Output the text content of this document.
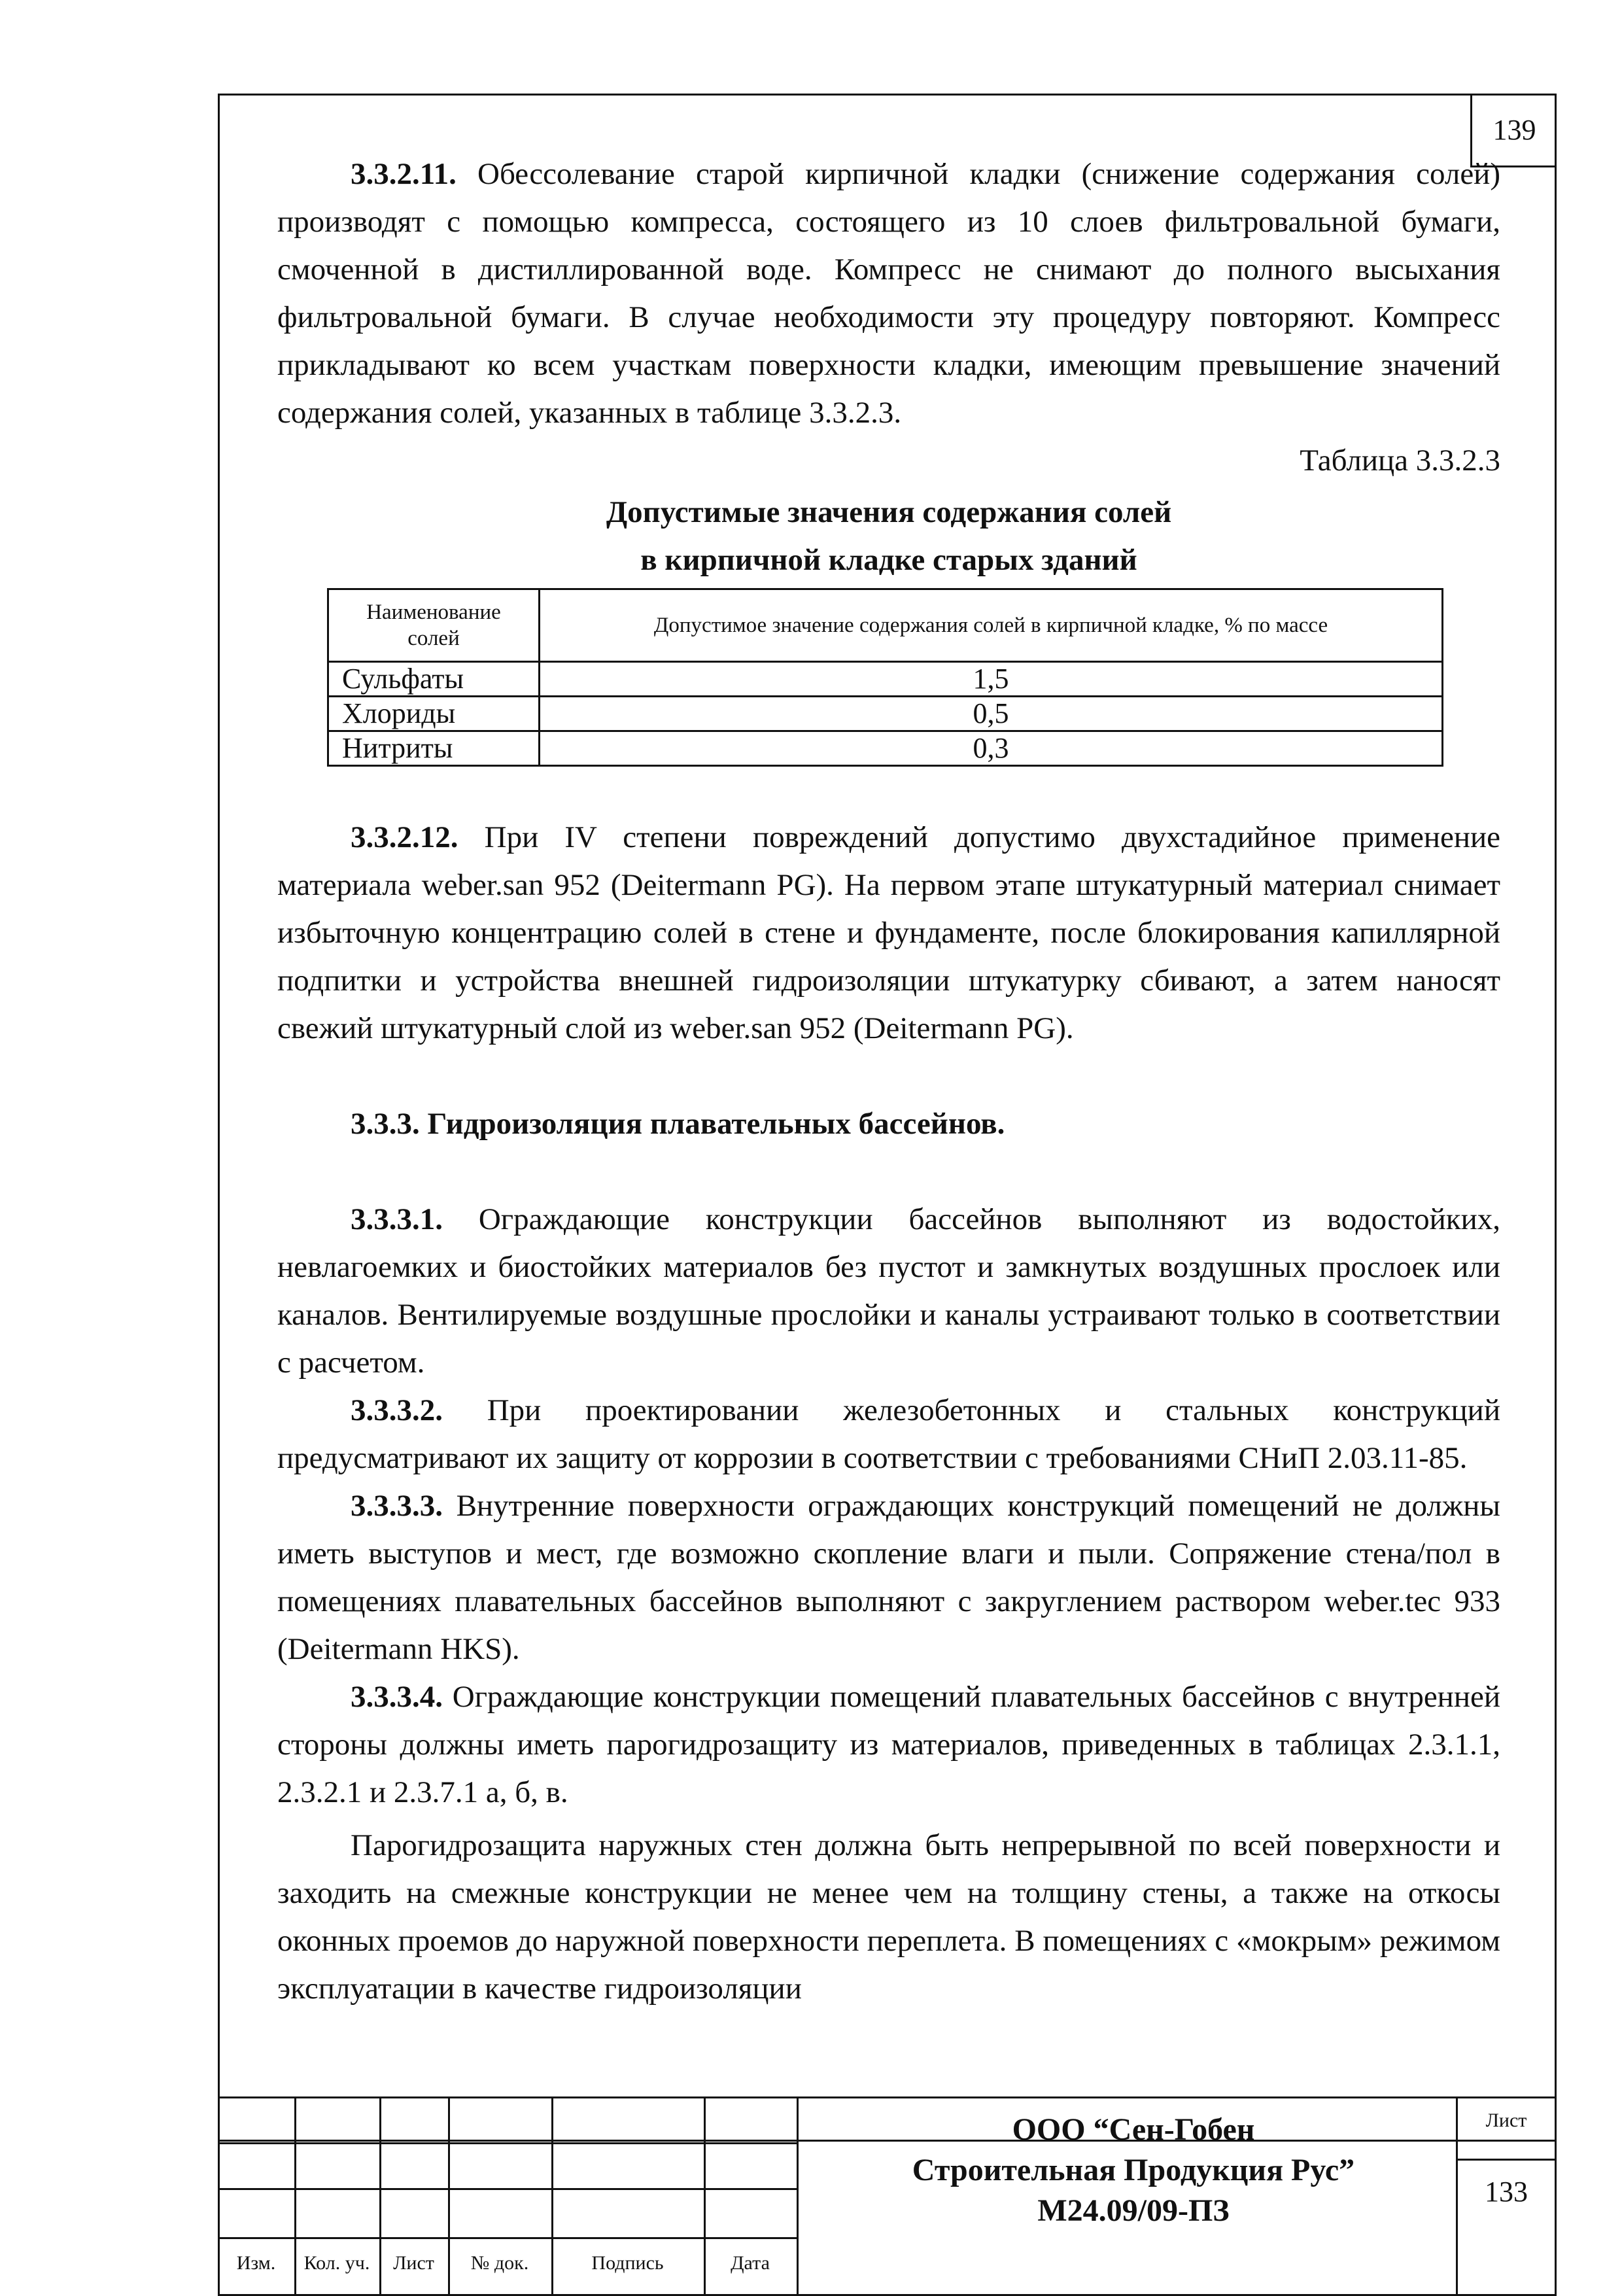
139

3.3.2.11. Обессолевание старой кирпичной кладки (снижение содержания солей) производят с помощью компресса, состоящего из 10 слоев фильтровальной бумаги, смоченной в дистиллированной воде. Компресс не снимают до полного высыхания фильтровальной бумаги. В случае необходимости эту процедуру повторяют. Компресс прикладывают ко всем участкам поверхности кладки, имеющим превышение значений содержания солей, указанных в таблице 3.3.2.3.

Таблица 3.3.2.3

Допустимые значения содержания солей

в кирпичной кладке старых зданий

Наименование солей	Допустимое значение содержания солей в кирпичной кладке, % по массе
Сульфаты	1,5
Хлориды	0,5
Нитриты	0,3

3.3.2.12. При IV степени повреждений допустимо двухстадийное применение материала weber.san 952 (Deitermann PG). На первом этапе штукатурный материал снимает избыточную концентрацию солей в стене и фундаменте, после блокирования капиллярной подпитки и устройства внешней гидроизоляции штукатурку сбивают, а затем наносят свежий штукатурный слой из weber.san 952 (Deitermann PG).

3.3.3. Гидроизоляция плавательных бассейнов.

3.3.3.1. Ограждающие конструкции бассейнов выполняют из водостойких, невлагоемких и биостойких материалов без пустот и замкнутых воздушных прослоек или каналов. Вентилируемые воздушные прослойки и каналы устраивают только в соответствии с расчетом.

3.3.3.2. При проектировании железобетонных и стальных конструкций предусматривают их защиту от коррозии в соответствии с требованиями СНиП 2.03.11-85.

3.3.3.3. Внутренние поверхности ограждающих конструкций помещений не должны иметь выступов и мест, где возможно скопление влаги и пыли. Сопряжение стена/пол в помещениях плавательных бассейнов выполняют с закруглением раствором weber.tec 933 (Deitermann HKS).

3.3.3.4. Ограждающие конструкции помещений плавательных бассейнов с внутренней стороны должны иметь парогидрозащиту из материалов, приведенных в таблицах 2.3.1.1, 2.3.2.1 и 2.3.7.1 а, б, в.

Парогидрозащита наружных стен должна быть непрерывной по всей поверхности и заходить на смежные конструкции не менее чем на толщину стены, а также на откосы оконных проемов до наружной поверхности переплета. В помещениях с «мокрым» режимом эксплуатации в качестве гидроизоляции

Изм.	Кол. уч.	Лист	№ док.	Подпись	Дата
ООО “Сен-Гобен
Строительная Продукция Рус”
М24.09/09-ПЗ
Лист
133
